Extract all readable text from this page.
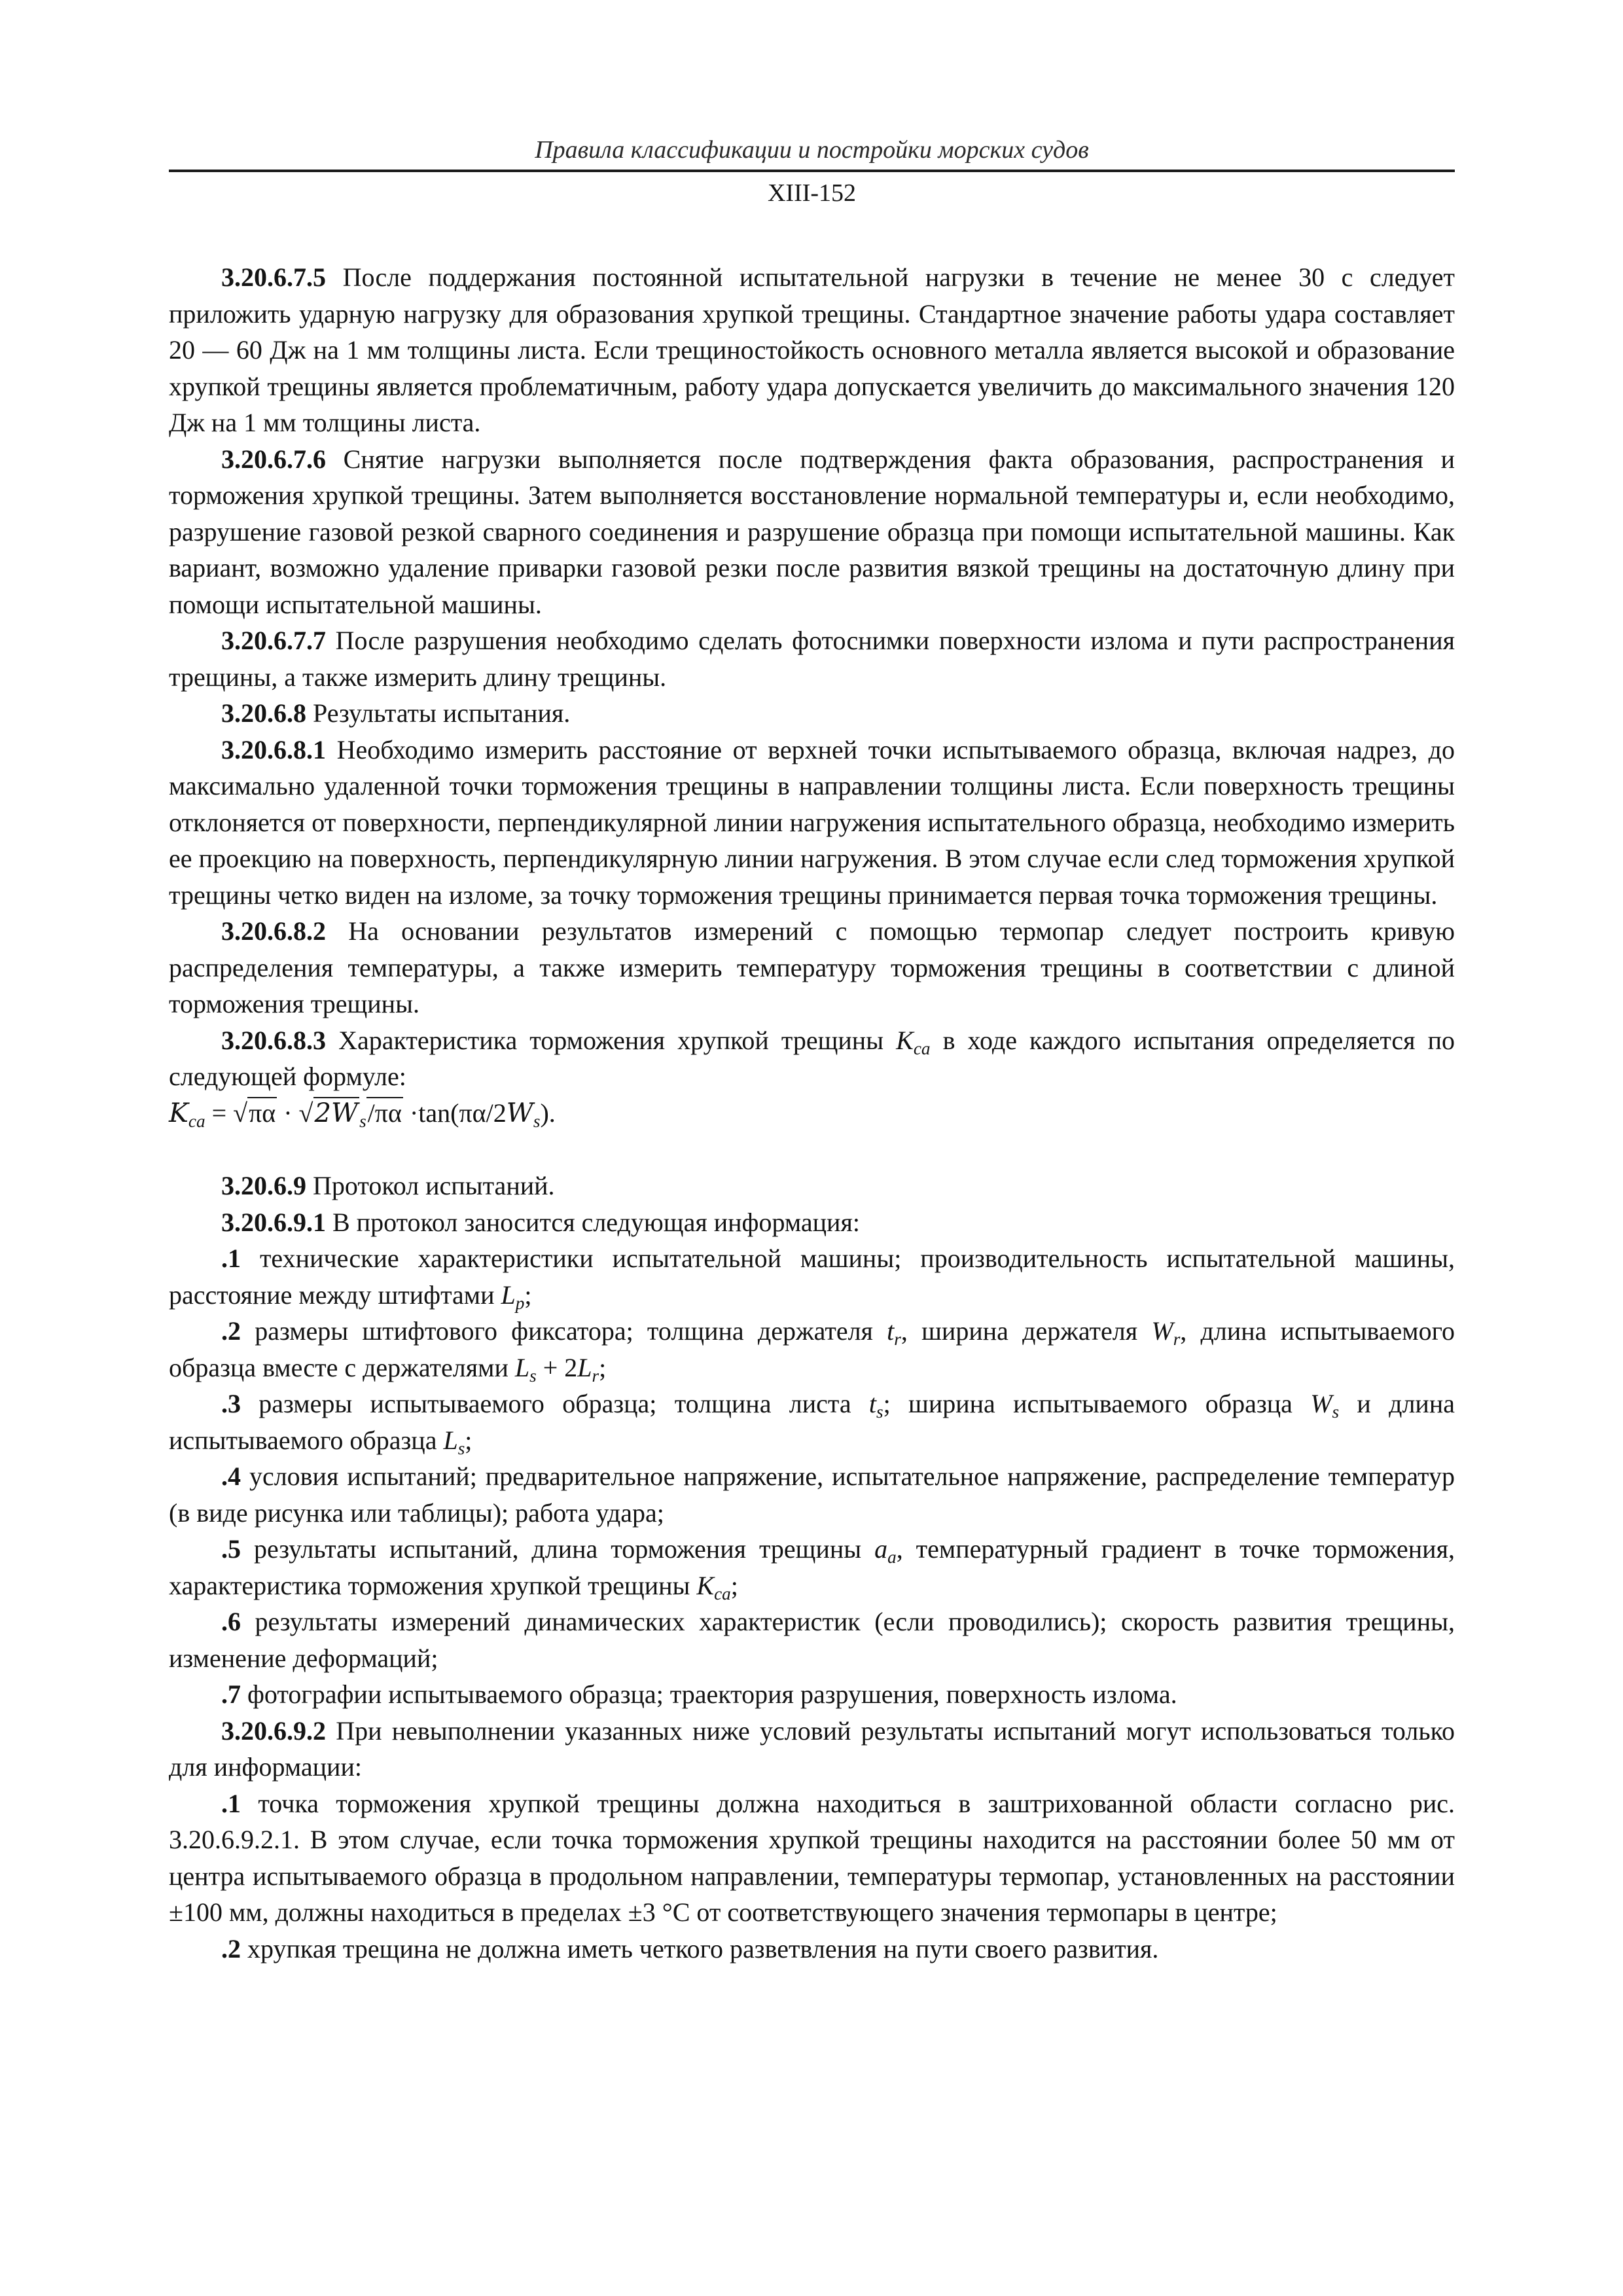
Правила классификации и постройки морских судов
XIII-152

3.20.6.7.5 После поддержания постоянной испытательной нагрузки в течение не менее 30 с следует приложить ударную нагрузку для образования хрупкой трещины. Стандартное значение работы удара составляет 20 — 60 Дж на 1 мм толщины листа. Если трещиностойкость основного металла является высокой и образование хрупкой трещины является проблематичным, работу удара допускается увеличить до максимального значения 120 Дж на 1 мм толщины листа.

3.20.6.7.6 Снятие нагрузки выполняется после подтверждения факта образования, распространения и торможения хрупкой трещины. Затем выполняется восстановление нормальной температуры и, если необходимо, разрушение газовой резкой сварного соединения и разрушение образца при помощи испытательной машины. Как вариант, возможно удаление приварки газовой резки после развития вязкой трещины на достаточную длину при помощи испытательной машины.

3.20.6.7.7 После разрушения необходимо сделать фотоснимки поверхности излома и пути распространения трещины, а также измерить длину трещины.

3.20.6.8 Результаты испытания.

3.20.6.8.1 Необходимо измерить расстояние от верхней точки испытываемого образца, включая надрез, до максимально удаленной точки торможения трещины в направлении толщины листа. Если поверхность трещины отклоняется от поверхности, перпендикулярной линии нагружения испытательного образца, необходимо измерить ее проекцию на поверхность, перпендикулярную линии нагружения. В этом случае если след торможения хрупкой трещины четко виден на изломе, за точку торможения трещины принимается первая точка торможения трещины.

3.20.6.8.2 На основании результатов измерений с помощью термопар следует построить кривую распределения температуры, а также измерить температуру торможения трещины в соответствии с длиной торможения трещины.

3.20.6.8.3 Характеристика торможения хрупкой трещины $K_{ca}$ в ходе каждого испытания определяется по следующей формуле:

$K_{ca} = √\pi\alpha \cdot √2W_s/\pi\alpha \cdot\tan(\pi\alpha/2W_s)$.

3.20.6.9 Протокол испытаний.

3.20.6.9.1 В протокол заносится следующая информация:

.1 технические характеристики испытательной машины; производительность испытательной машины, расстояние между штифтами $L_p$;

.2 размеры штифтового фиксатора; толщина держателя $t_r$, ширина держателя $W_r$, длина испытываемого образца вместе с держателями $L_s + 2L_r$;

.3 размеры испытываемого образца; толщина листа $t_s$; ширина испытываемого образца $W_s$ и длина испытываемого образца $L_s$;

.4 условия испытаний; предварительное напряжение, испытательное напряжение, распределение температур (в виде рисунка или таблицы); работа удара;

.5 результаты испытаний, длина торможения трещины $a_a$, температурный градиент в точке торможения, характеристика торможения хрупкой трещины $K_{ca}$;

.6 результаты измерений динамических характеристик (если проводились); скорость развития трещины, изменение деформаций;

.7 фотографии испытываемого образца; траектория разрушения, поверхность излома.

3.20.6.9.2 При невыполнении указанных ниже условий результаты испытаний могут использоваться только для информации:

.1 точка торможения хрупкой трещины должна находиться в заштрихованной области согласно рис. 3.20.6.9.2.1. В этом случае, если точка торможения хрупкой трещины находится на расстоянии более 50 мм от центра испытываемого образца в продольном направлении, температуры термопар, установленных на расстоянии ±100 мм, должны находиться в пределах ±3 °С от соответствующего значения термопары в центре;

.2 хрупкая трещина не должна иметь четкого разветвления на пути своего развития.
